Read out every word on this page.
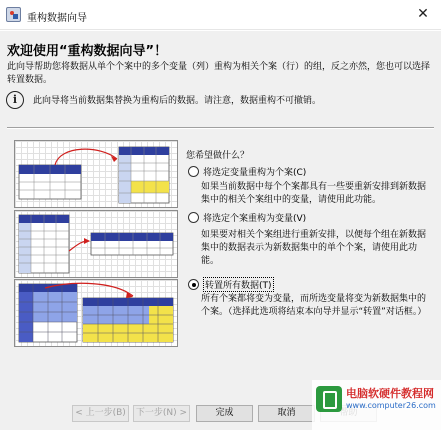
重构数据向导	✕
欢迎使用“重构数据向导”！
此向导帮助您将数据从单个个案中的多个变量（列）重构为相关个案（行）的组，反之亦然，您也可以选择转置数据。
i	此向导将当前数据集替换为重构后的数据。请注意，数据重构不可撤销。
您希望做什么？
将选定变量重构为个案(C)
如果当前数据中每个个案都具有一些要重新安排到新数据集中的相关个案组中的变量，请使用此功能。
将选定个案重构为变量(V)
如果要对相关个案组进行重新安排，以便每个组在新数据集中的数据表示为新数据集中的单个个案，请使用此功能。
转置所有数据(T)
所有个案都将变为变量，而所选变量将变为新数据集中的个案。（选择此选项将结束本向导并显示“转置”对话框。）
< 上一步(B)	下一步(N) >	完成	取消
电脑软硬件教程网
www.computer26.com
